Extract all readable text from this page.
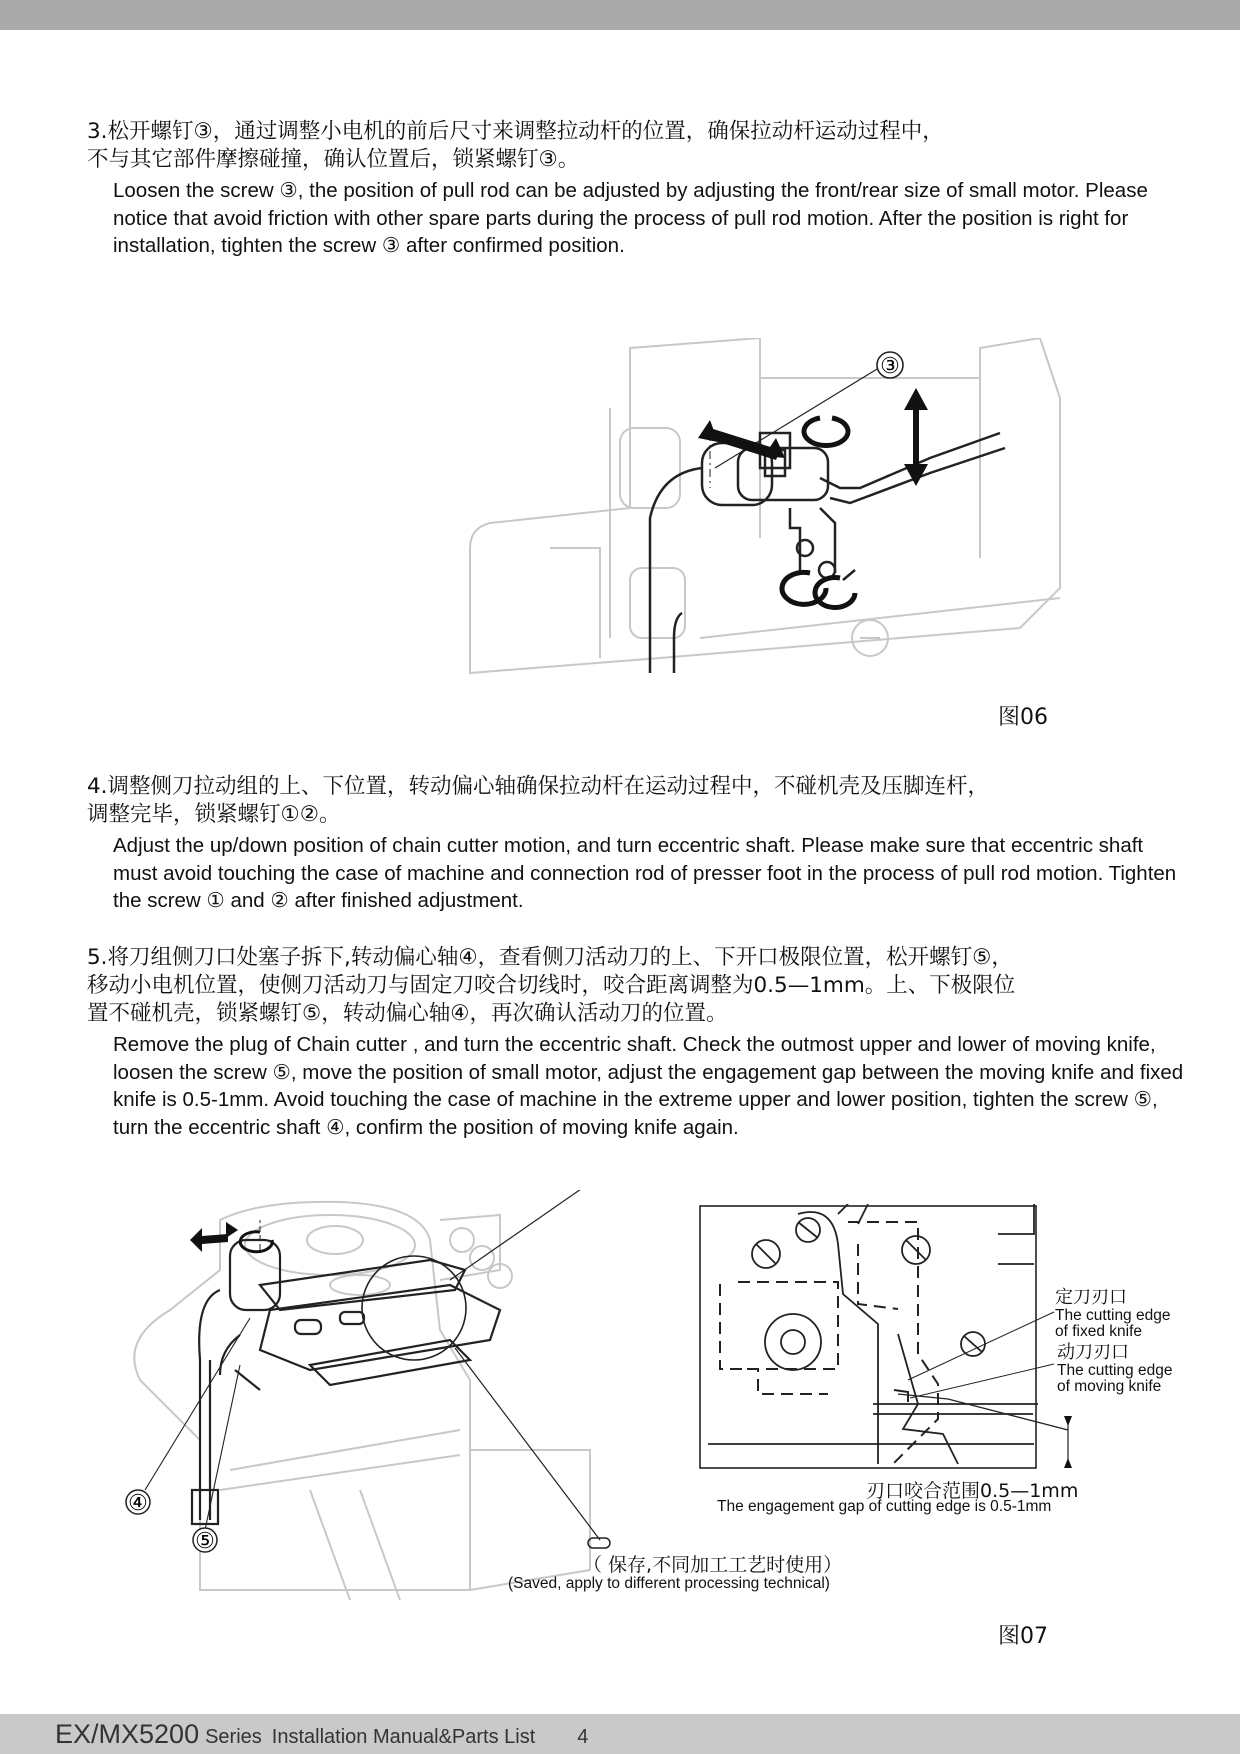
3.松开螺钉③，通过调整小电机的前后尺寸来调整拉动杆的位置，确保拉动杆运动过程中，
不与其它部件摩擦碰撞，确认位置后，锁紧螺钉③。
Loosen the screw ③, the position of pull rod can be adjusted by adjusting the front/rear size of small motor. Please notice that avoid friction with other spare parts during the process of pull rod motion. After the position is right for installation, tighten the screw ③ after confirmed position.
③
图06
4.调整侧刀拉动组的上、下位置，转动偏心轴确保拉动杆在运动过程中，不碰机壳及压脚连杆，
调整完毕，锁紧螺钉①②。
Adjust the up/down position of chain cutter motion, and turn eccentric shaft. Please make sure that eccentric shaft must avoid touching the case of machine and connection rod of presser foot in the process of pull rod motion. Tighten the screw ① and ② after finished adjustment.
5.将刀组侧刀口处塞子拆下,转动偏心轴④，查看侧刀活动刀的上、下开口极限位置，松开螺钉⑤，
移动小电机位置，使侧刀活动刀与固定刀咬合切线时，咬合距离调整为0.5—1mm。上、下极限位
置不碰机壳，锁紧螺钉⑤，转动偏心轴④，再次确认活动刀的位置。
Remove the plug of Chain cutter , and turn the eccentric shaft. Check the outmost upper and lower of moving knife, loosen the screw ⑤, move the position of small motor, adjust the engagement gap between the moving knife and fixed knife is 0.5-1mm. Avoid touching the case of machine in the extreme upper and lower position, tighten the screw ⑤, turn the eccentric shaft ④, confirm the position of moving knife again.
④
⑤
定刀刃口
The cutting edge
of fixed knife
动刀刃口
The cutting edge
of moving knife
刃口咬合范围0.5—1mm
The engagement gap of cutting edge is 0.5-1mm
（ 保存,不同加工工艺时使用）
(Saved, apply to different processing technical)
图07
EX/MX5200 Series Installation Manual&Parts List 4
